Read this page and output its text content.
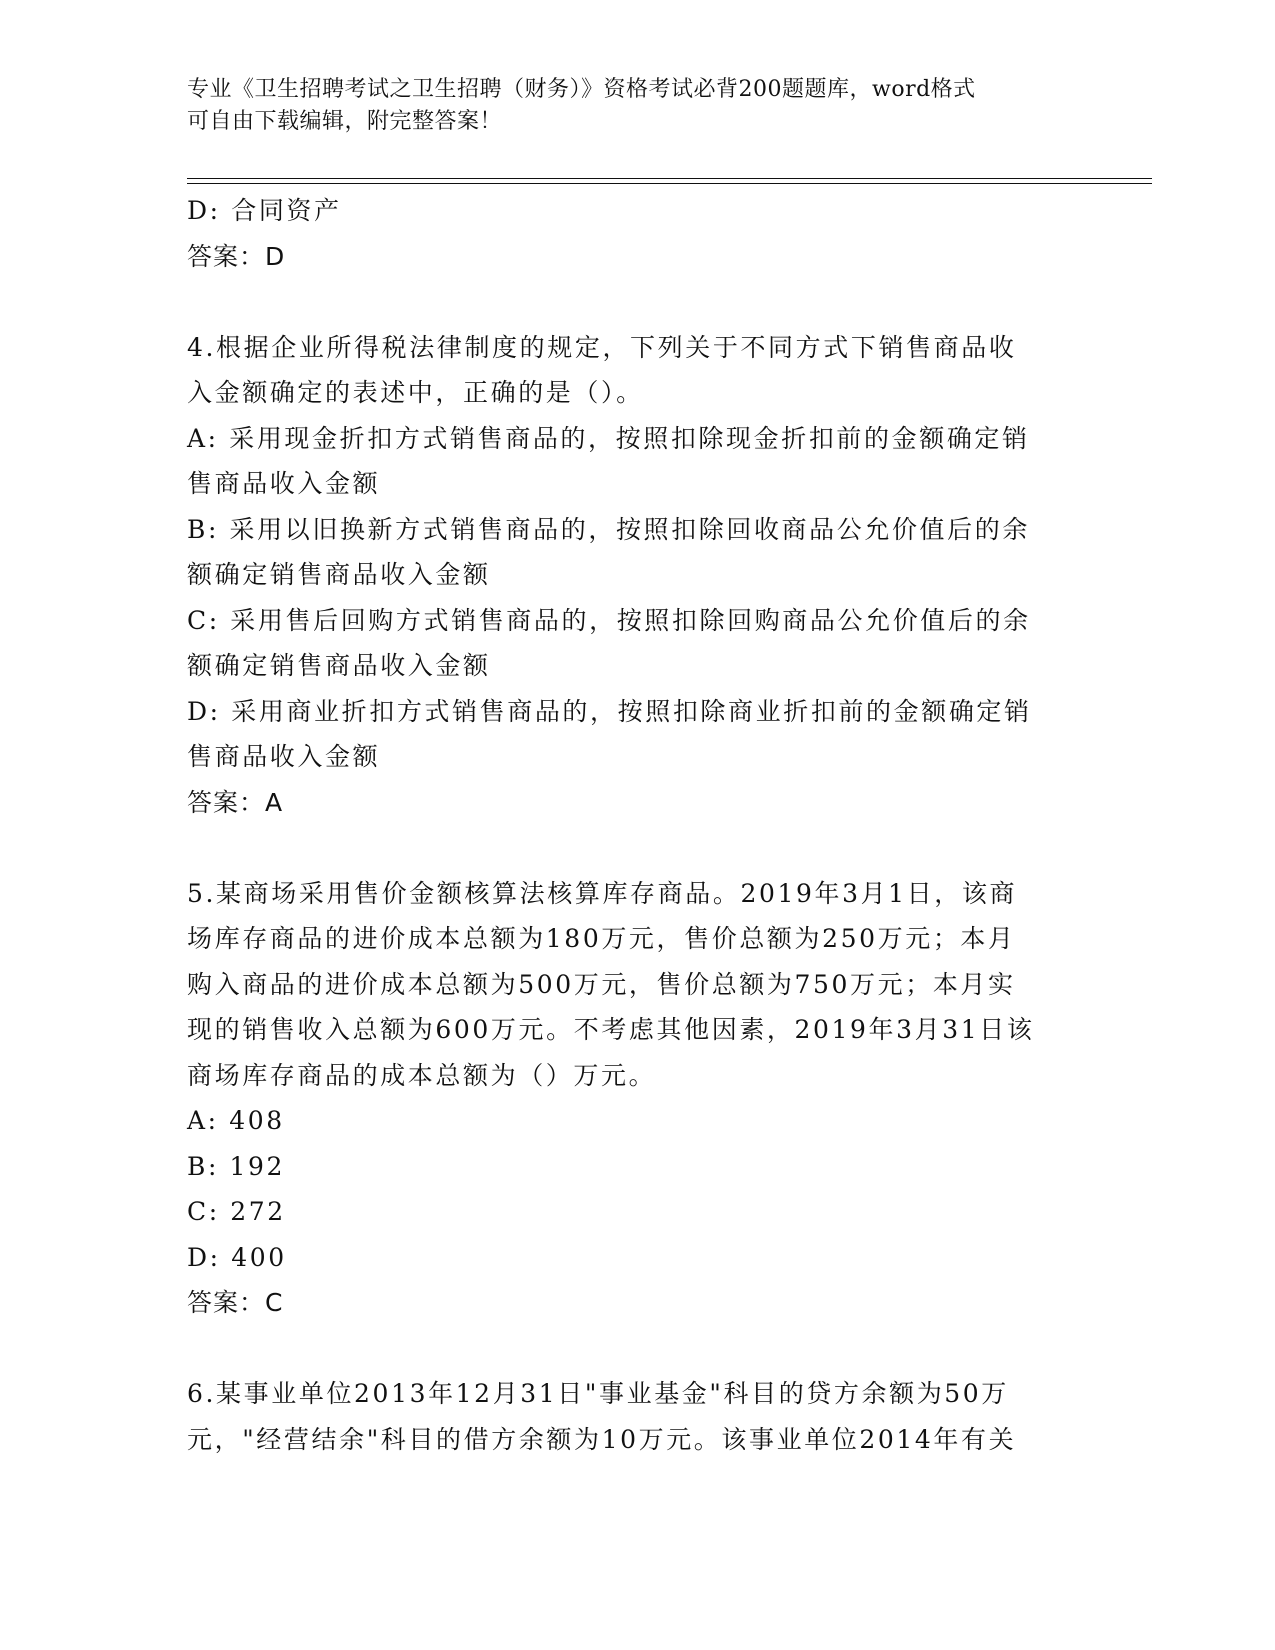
专业《卫生招聘考试之卫生招聘（财务）》资格考试必背200题题库，word格式
可自由下载编辑，附完整答案！
D: 合同资产
答案：D
4.根据企业所得税法律制度的规定，下列关于不同方式下销售商品收
入金额确定的表述中，正确的是（）。
A: 采用现金折扣方式销售商品的，按照扣除现金折扣前的金额确定销
售商品收入金额
B: 采用以旧换新方式销售商品的，按照扣除回收商品公允价值后的余
额确定销售商品收入金额
C: 采用售后回购方式销售商品的，按照扣除回购商品公允价值后的余
额确定销售商品收入金额
D: 采用商业折扣方式销售商品的，按照扣除商业折扣前的金额确定销
售商品收入金额
答案：A
5.某商场采用售价金额核算法核算库存商品。2019年3月1日，该商
场库存商品的进价成本总额为180万元，售价总额为250万元；本月
购入商品的进价成本总额为500万元，售价总额为750万元；本月实
现的销售收入总额为600万元。不考虑其他因素，2019年3月31日该
商场库存商品的成本总额为（）万元。
A: 408
B: 192
C: 272
D: 400
答案：C
6.某事业单位2013年12月31日"事业基金"科目的贷方余额为50万
元，"经营结余"科目的借方余额为10万元。该事业单位2014年有关
